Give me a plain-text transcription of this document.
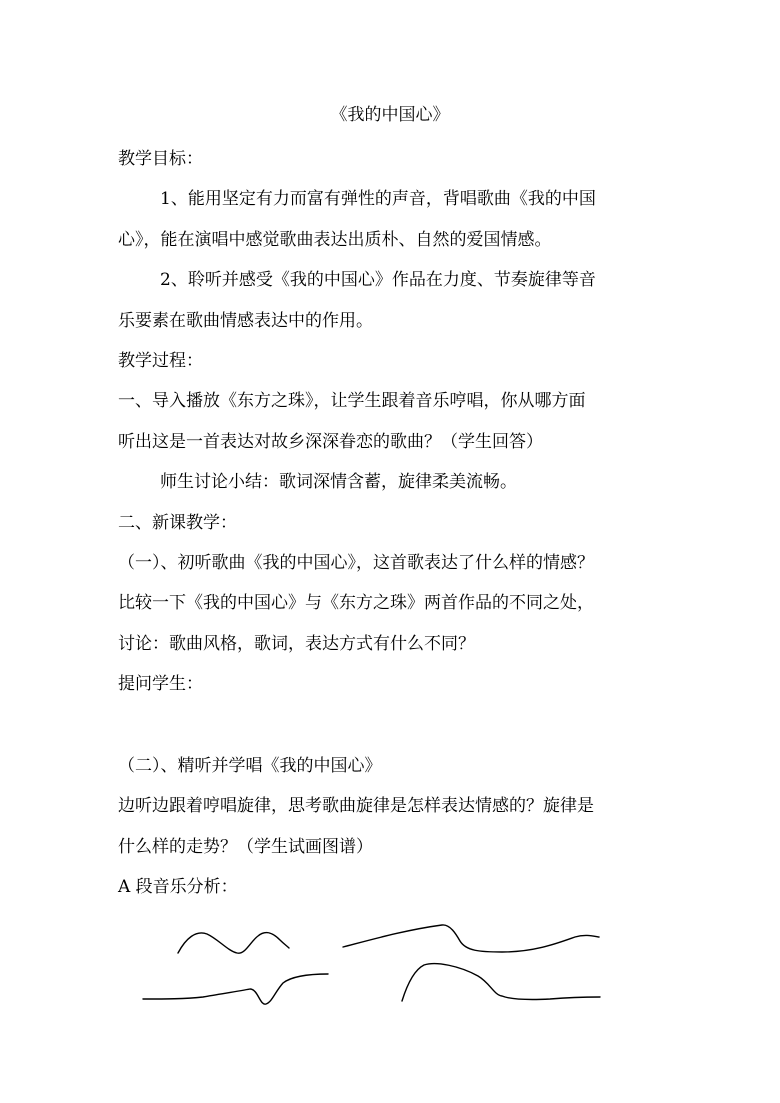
《我的中国心》

教学目标：

1、能用坚定有力而富有弹性的声音，背唱歌曲《我的中国

心》，能在演唱中感觉歌曲表达出质朴、自然的爱国情感。

2、聆听并感受《我的中国心》作品在力度、节奏旋律等音

乐要素在歌曲情感表达中的作用。

教学过程：

一、导入播放《东方之珠》，让学生跟着音乐哼唱，你从哪方面

听出这是一首表达对故乡深深眷恋的歌曲？（学生回答）

师生讨论小结：歌词深情含蓄，旋律柔美流畅。

二、新课教学：

（一）、初听歌曲《我的中国心》，这首歌表达了什么样的情感？

比较一下《我的中国心》与《东方之珠》两首作品的不同之处，

讨论：歌曲风格，歌词，表达方式有什么不同？

提问学生：

（二）、精听并学唱《我的中国心》

边听边跟着哼唱旋律，思考歌曲旋律是怎样表达情感的？旋律是

什么样的走势？（学生试画图谱）

A 段音乐分析：
